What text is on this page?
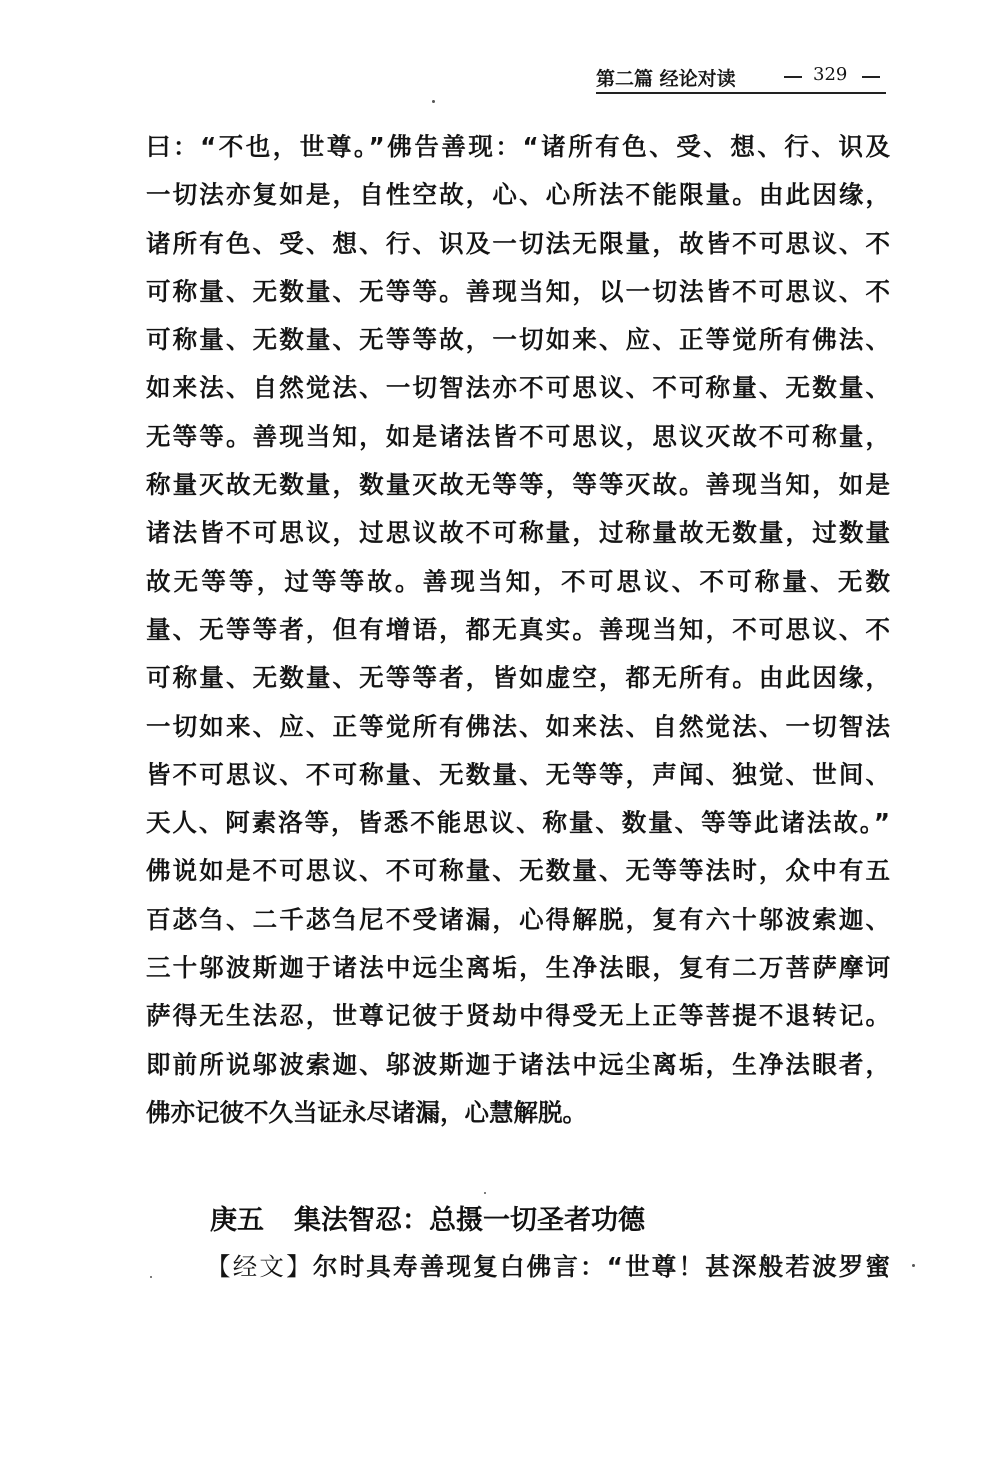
第二篇 经论对读	329
曰：“不也，世尊。”佛告善现：“诸所有色、受、想、行、识及
一切法亦复如是，自性空故，心、心所法不能限量。由此因缘，
诸所有色、受、想、行、识及一切法无限量，故皆不可思议、不
可称量、无数量、无等等。善现当知，以一切法皆不可思议、不
可称量、无数量、无等等故，一切如来、应、正等觉所有佛法、
如来法、自然觉法、一切智法亦不可思议、不可称量、无数量、
无等等。善现当知，如是诸法皆不可思议，思议灭故不可称量，
称量灭故无数量，数量灭故无等等，等等灭故。善现当知，如是
诸法皆不可思议，过思议故不可称量，过称量故无数量，过数量
故无等等，过等等故。善现当知，不可思议、不可称量、无数
量、无等等者，但有增语，都无真实。善现当知，不可思议、不
可称量、无数量、无等等者，皆如虚空，都无所有。由此因缘，
一切如来、应、正等觉所有佛法、如来法、自然觉法、一切智法
皆不可思议、不可称量、无数量、无等等，声闻、独觉、世间、
天人、阿素洛等，皆悉不能思议、称量、数量、等等此诸法故。”
佛说如是不可思议、不可称量、无数量、无等等法时，众中有五
百苾刍、二千苾刍尼不受诸漏，心得解脱，复有六十邬波索迦、
三十邬波斯迦于诸法中远尘离垢，生净法眼，复有二万菩萨摩诃
萨得无生法忍，世尊记彼于贤劫中得受无上正等菩提不退转记。
即前所说邬波索迦、邬波斯迦于诸法中远尘离垢，生净法眼者，
佛亦记彼不久当证永尽诸漏，心慧解脱。
庚五 集法智忍：总摄一切圣者功德
【经文】尔时具寿善现复白佛言：“世尊！甚深般若波罗蜜
